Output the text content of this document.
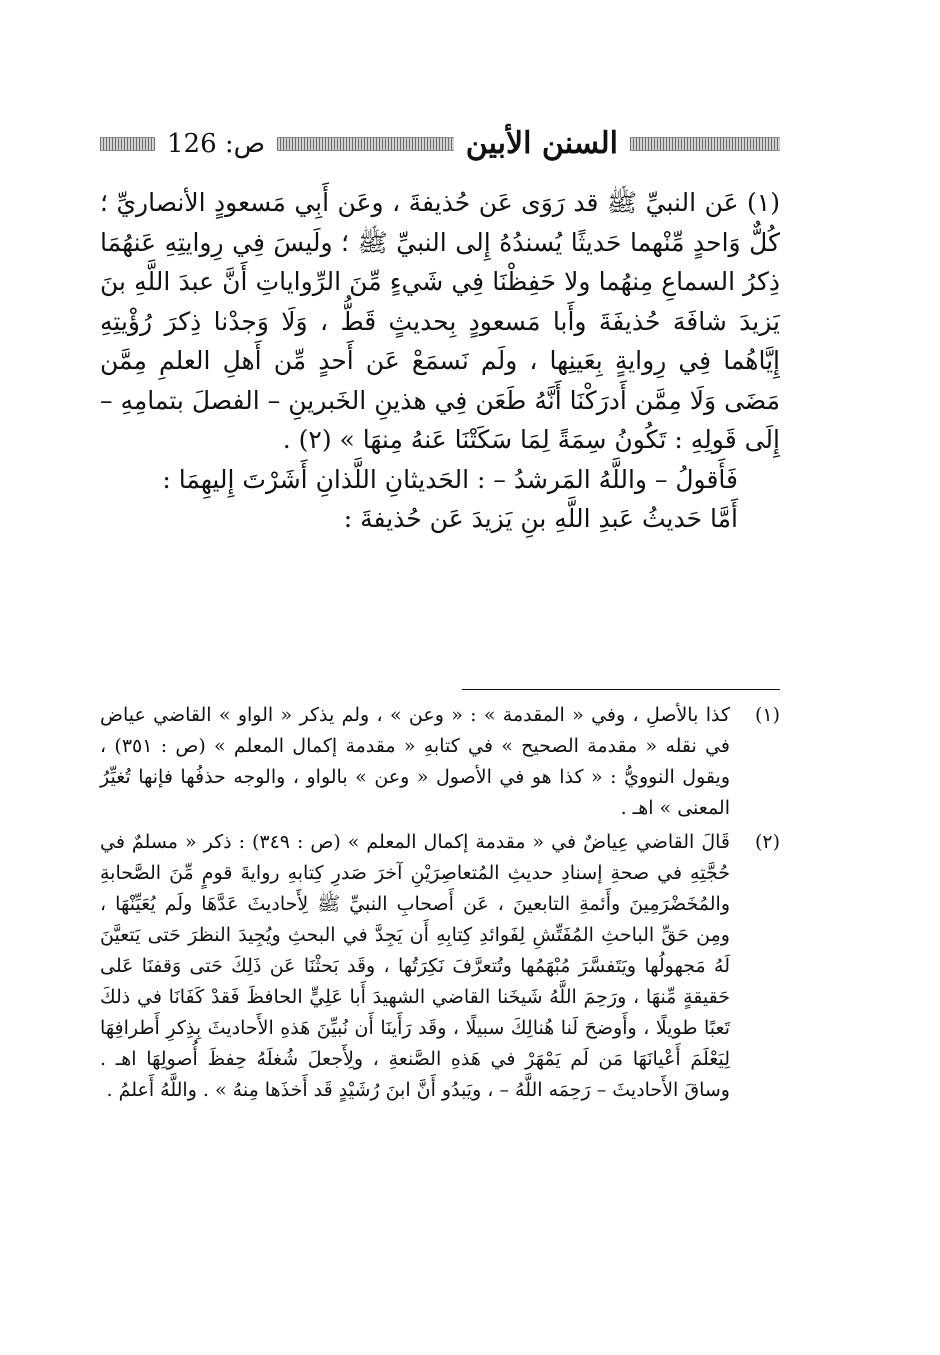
السنن الأبين
ص: 126

(١) عَن النبيِّ ﷺ قد رَوَى عَن حُذيفةَ ، وعَن أَبِي مَسعودٍ الأنصاريِّ ؛ كُلٌّ وَاحدٍ مِّنْهما حَديثًا يُسندُهُ إِلى النبيِّ ﷺ ؛ ولَيسَ فِي رِوايتِهِ عَنهُمَا ذِكرُ السماعِ مِنهُما ولا حَفِظْنَا فِي شَيءٍ مِّنَ الرِّواياتِ أَنَّ عبدَ اللَّهِ بنَ يَزيدَ شافَهَ حُذيفَةَ وأَبا مَسعودٍ بِحديثٍ قَطُّ ، وَلَا وَجدْنا ذِكرَ رُؤْيتِهِ إِيَّاهُما فِي رِوايةٍ بِعَينِها ، ولَم نَسمَعْ عَن أَحدٍ مِّن أَهلِ العلمِ مِمَّن مَضَى وَلَا مِمَّن أَدرَكْنَا أَنَّهُ طَعَن فِي هذينِ الخَبرينِ – الفصلَ بتمامِهِ – إِلَى قَولِهِ : تَكُونُ سِمَةً لِمَا سَكَتْنَا عَنهُ مِنهَا » (٢) .

فَأَقولُ – واللَّهُ المَرشدُ – : الحَديثانِ اللَّذانِ أَشَرْتَ إِليهِمَا :

أَمَّا حَديثُ عَبدِ اللَّهِ بنِ يَزيدَ عَن حُذيفةَ :

(١)
كذا بالأصلِ ، وفي « المقدمة » : « وعن » ، ولم يذكر « الواو » القاضي عياض في نقله « مقدمة الصحيح » في كتابهِ « مقدمة إكمال المعلم » (ص : ٣٥١) ، ويقول النوويُّ : « كذا هو في الأصول « وعن » بالواو ، والوجه حذفُها فإنها تُغيِّرُ المعنى » اهـ .
(٢)
قَالَ القاضي عِياضٌ في « مقدمة إكمال المعلم » (ص : ٣٤٩) : ذكر « مسلمٌ في حُجَّتِهِ في صحةِ إسنادِ حديثِ المُتعاصِرَيْنِ آخرَ صَدرِ كِتابهِ روايةَ قومٍ مِّنَ الصَّحابةِ والمُخَضْرَمِينَ وأَئمةِ التابعينَ ، عَن أَصحابِ النبيِّ ﷺ لِأَحاديثَ عَدَّهَا ولَم يُعَيِّنْهَا ، ومِن حَقِّ الباحثِ المُفَتِّشِ لِفَوائدِ كِتابِهِ أَن يَجِدَّ في البحثِ ويُجِيدَ النظرَ حَتى يَتعيَّنَ لَهُ مَجهولُها ويَتَفسَّرَ مُبْهَمُها وتُتعرَّفَ نَكِرَتُها ، وقَد بَحثْنَا عَن ذَلِكَ حَتى وَقفنَا عَلى حَقيقةٍ مِّنهَا ، ورَحِمَ اللَّهُ شَيخَنا القاضي الشهيدَ أَبا عَلِيٍّ الحافظَ فَقدْ كَفَانَا في ذلكَ تَعبًا طويلًا ، وأَوضحَ لَنا هُنالِكَ سبيلًا ، وقَد رَأَينَا أَن نُبيِّنَ هَذهِ الأَحاديثَ بِذِكرِ أَطرافِهَا لِيَعْلَمَ أَعْيانَهَا مَن لَم يَمْهَرْ في هَذهِ الصَّنعةِ ، ولِأَجعلَ شُغلَهُ حِفظَ أُصولِهَا اهـ . وساقَ الأَحاديثَ – رَحِمَه اللَّهُ – ، ويَبدُو أَنَّ ابنَ رُشَيْدٍ قَد أَخذَها مِنهُ » . واللَّهُ أَعلمُ .
